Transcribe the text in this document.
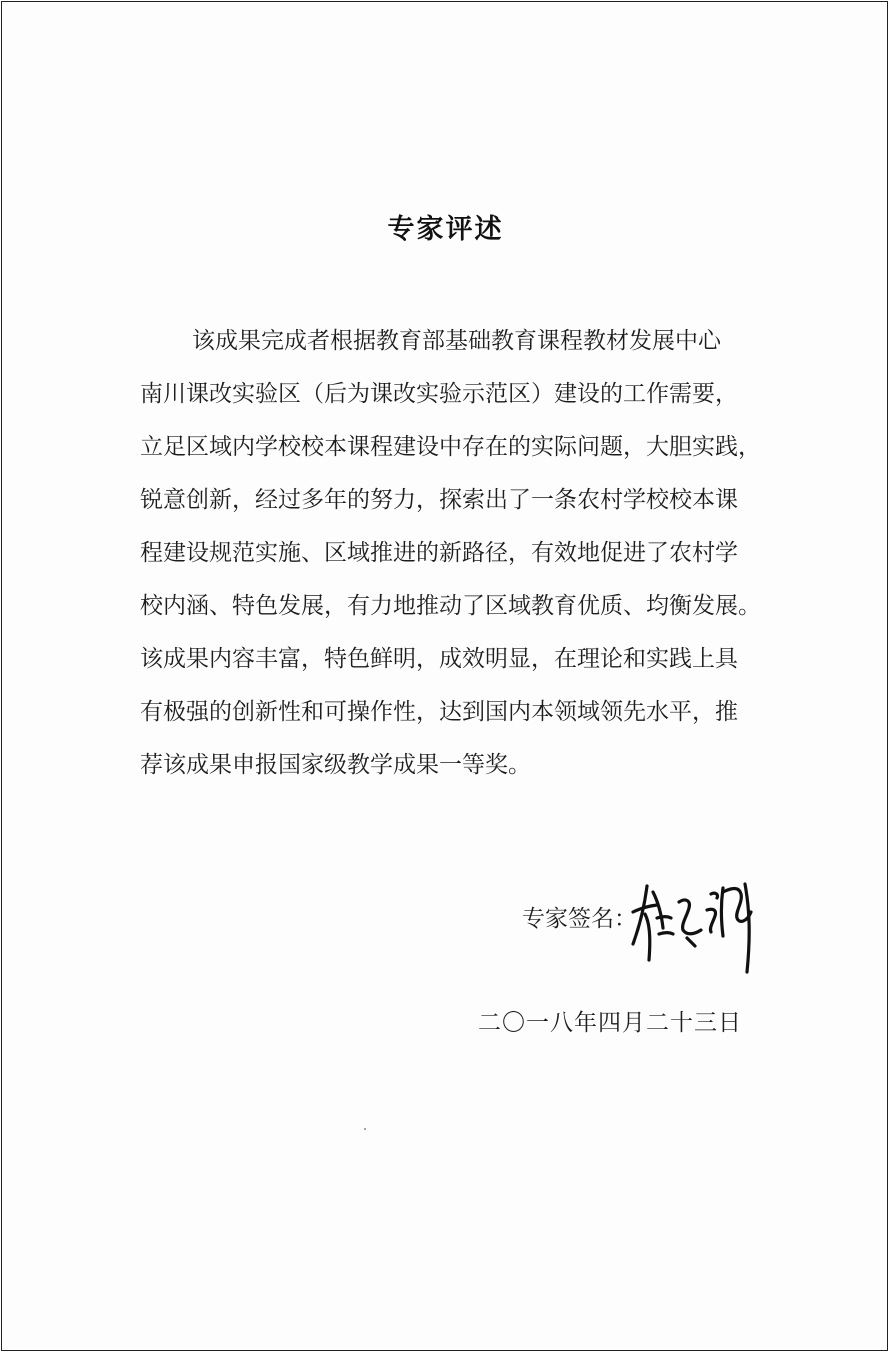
专家评述
该成果完成者根据教育部基础教育课程教材发展中心
南川课改实验区（后为课改实验示范区）建设的工作需要，
立足区域内学校校本课程建设中存在的实际问题，大胆实践，
锐意创新，经过多年的努力，探索出了一条农村学校校本课
程建设规范实施、区域推进的新路径，有效地促进了农村学
校内涵、特色发展，有力地推动了区域教育优质、均衡发展。
该成果内容丰富，特色鲜明，成效明显，在理论和实践上具
有极强的创新性和可操作性，达到国内本领域领先水平，推
荐该成果申报国家级教学成果一等奖。
专家签名：
二〇一八年四月二十三日
